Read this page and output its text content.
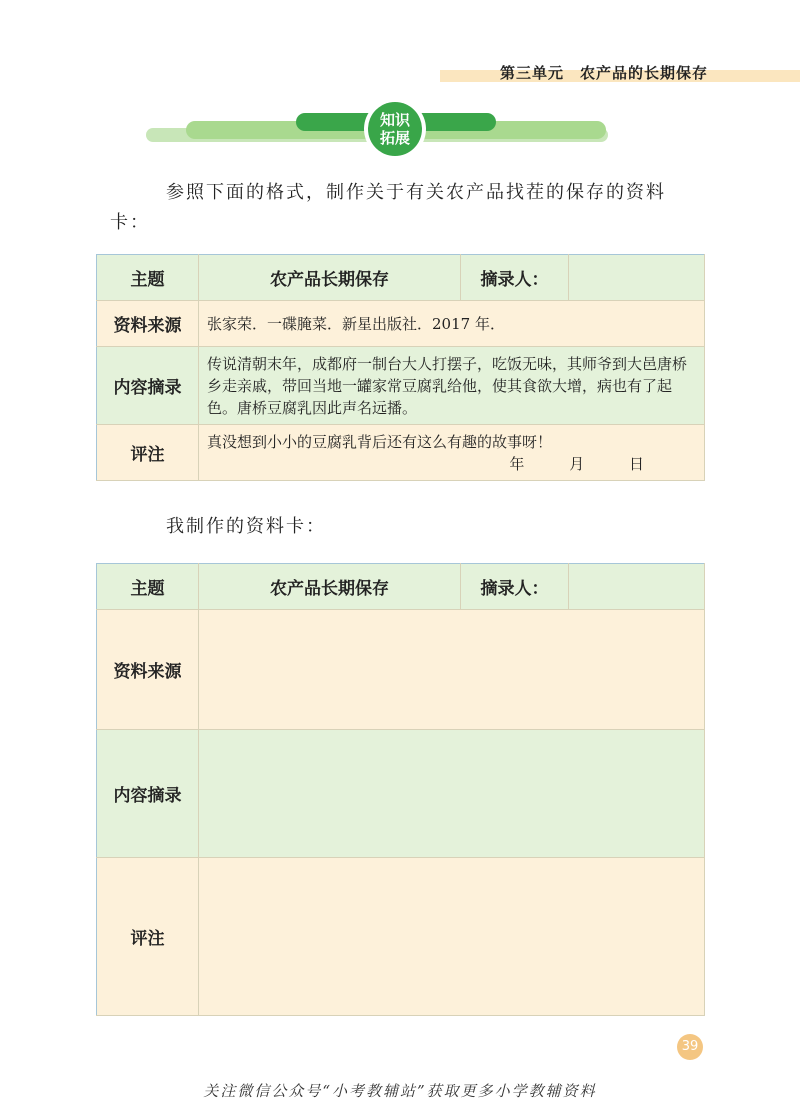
第三单元　农产品的长期保存
知识
拓展
参照下面的格式，制作关于有关农产品找茬的保存的资料卡：
主题	农产品长期保存	摘录人：	
资料来源	张家荣．一碟腌菜．新星出版社．2017 年．		
内容摘录	传说清朝末年，成都府一制台大人打摆子，吃饭无味，其师爷到大邑唐桥乡走亲戚，带回当地一罐家常豆腐乳给他，使其食欲大增，病也有了起色。唐桥豆腐乳因此声名远播。		
评注	真没想到小小的豆腐乳背后还有这么有趣的故事呀！
年 月 日		
我制作的资料卡：
主题	农产品长期保存	摘录人：	
资料来源			
内容摘录			
评注			
39
关注微信公众号“小考教辅站”获取更多小学教辅资料
